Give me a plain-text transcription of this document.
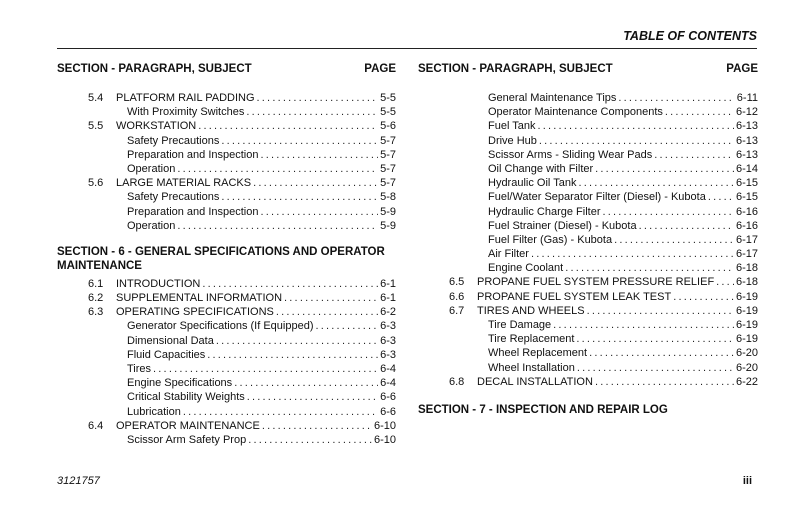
TABLE OF CONTENTS
SECTION - PARAGRAPH, SUBJECT	PAGE
5.4 PLATFORM RAIL PADDING .....	5-5
With Proximity Switches .....	5-5
5.5 WORKSTATION .....	5-6
Safety Precautions .....	5-7
Preparation and Inspection .....	5-7
Operation .....	5-7
5.6 LARGE MATERIAL RACKS .....	5-7
Safety Precautions .....	5-8
Preparation and Inspection .....	5-9
Operation .....	5-9
SECTION - 6 - GENERAL SPECIFICATIONS AND OPERATOR MAINTENANCE
6.1 INTRODUCTION .....	6-1
6.2 SUPPLEMENTAL INFORMATION .....	6-1
6.3 OPERATING SPECIFICATIONS .....	6-2
Generator Specifications (If Equipped) .....	6-3
Dimensional Data .....	6-3
Fluid Capacities .....	6-3
Tires .....	6-4
Engine Specifications .....	6-4
Critical Stability Weights .....	6-6
Lubrication .....	6-6
6.4 OPERATOR MAINTENANCE .....	6-10
Scissor Arm Safety Prop .....	6-10
SECTION - PARAGRAPH, SUBJECT	PAGE
General Maintenance Tips .....	6-11
Operator Maintenance Components .....	6-12
Fuel Tank .....	6-13
Drive Hub .....	6-13
Scissor Arms - Sliding Wear Pads .....	6-13
Oil Change with Filter .....	6-14
Hydraulic Oil Tank .....	6-15
Fuel/Water Separator Filter (Diesel) - Kubota .....	6-15
Hydraulic Charge Filter .....	6-16
Fuel Strainer (Diesel) - Kubota .....	6-16
Fuel Filter (Gas) - Kubota .....	6-17
Air Filter .....	6-17
Engine Coolant .....	6-18
6.5 PROPANE FUEL SYSTEM PRESSURE RELIEF ..... 6-18
6.6 PROPANE FUEL SYSTEM LEAK TEST .....	6-19
6.7 TIRES AND WHEELS .....	6-19
Tire Damage .....	6-19
Tire Replacement .....	6-19
Wheel Replacement .....	6-20
Wheel Installation .....	6-20
6.8 DECAL INSTALLATION .....	6-22
SECTION - 7 - INSPECTION AND REPAIR LOG
3121757	iii
